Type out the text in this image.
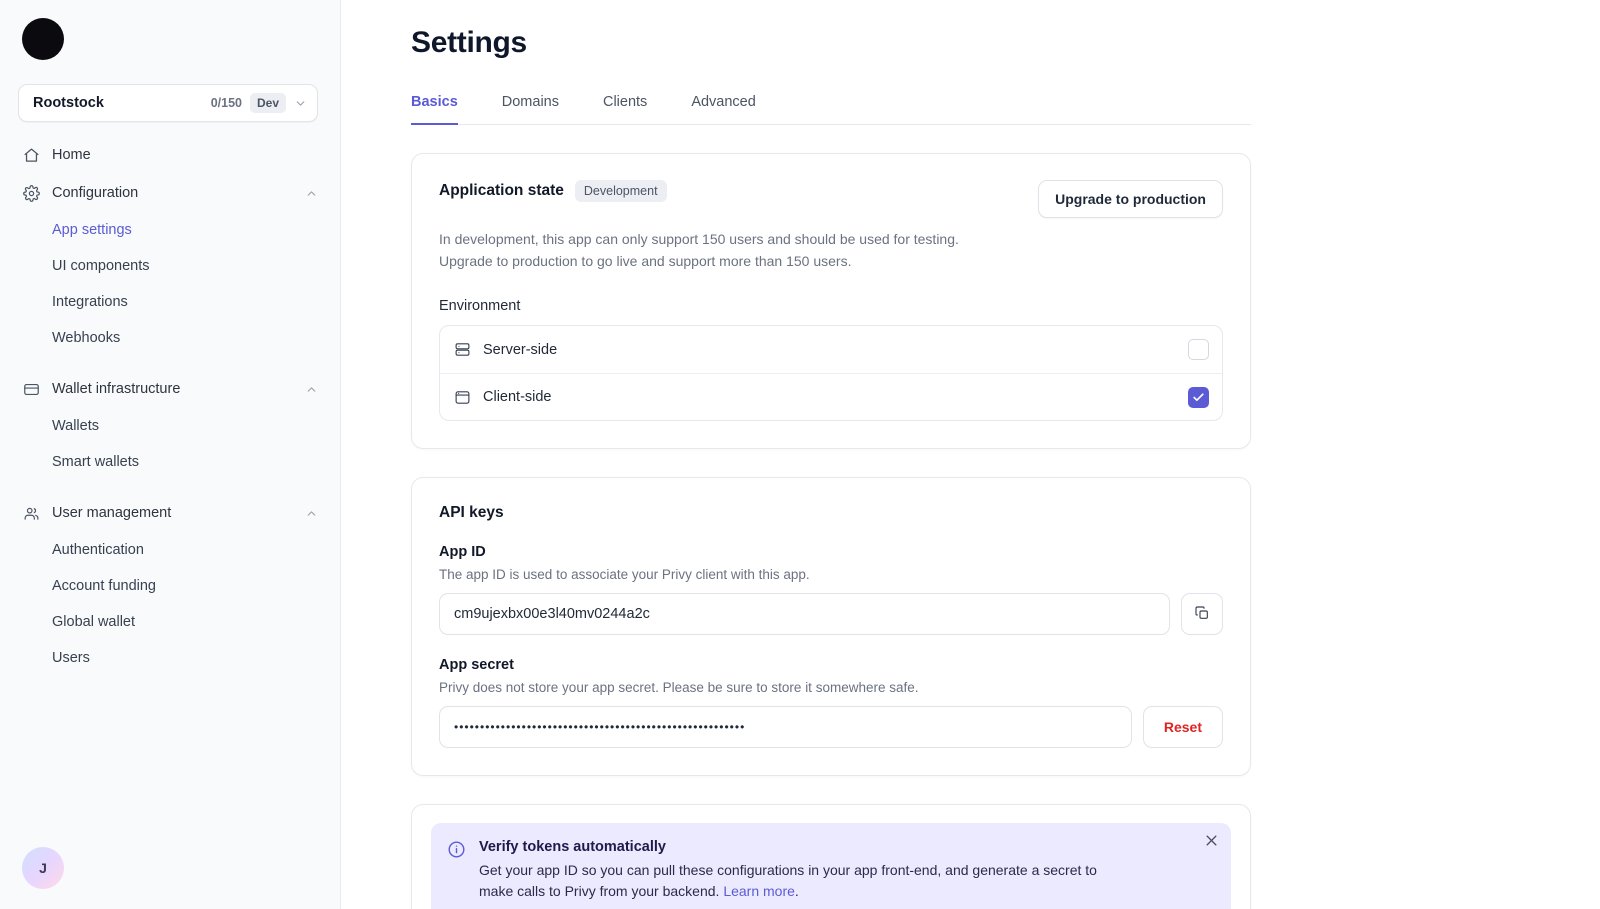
Rootstock	0/150	Dev
Home
Configuration
App settings
UI components
Integrations
Webhooks
Wallet infrastructure
Wallets
Smart wallets
User management
Authentication
Account funding
Global wallet
Users
J
Settings
Basics	Domains	Clients	Advanced
Application state	Development	Upgrade to production

In development, this app can only support 150 users and should be used for testing. Upgrade to production to go live and support more than 150 users.

Environment
Server-side
Client-side
API keys
App ID
The app ID is used to associate your Privy client with this app.
cm9ujexbx00e3l40mv0244a2c
App secret
Privy does not store your app secret. Please be sure to store it somewhere safe.
••••••••••••••••••••••••••••••••••••••••••••••••••••••••	Reset
Verify tokens automatically
Get your app ID so you can pull these configurations in your app front-end, and generate a secret to make calls to Privy from your backend. Learn more.
